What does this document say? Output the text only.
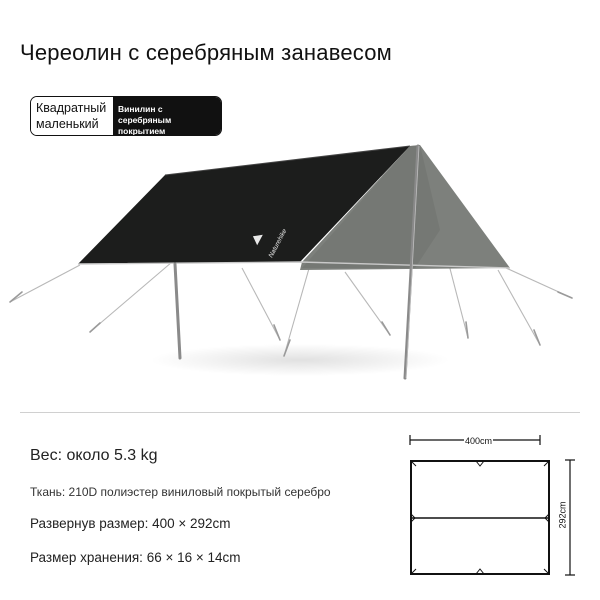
Череолин с серебряным занавесом
Квадратный маленький
Винилин с серебряным покрытием
Naturehike
Вес: около 5.3 kg
Ткань: 210D полиэстер виниловый покрытый серебро
Развернув размер: 400 × 292cm
Размер хранения: 66 × 16 × 14cm
400cm
292cm
